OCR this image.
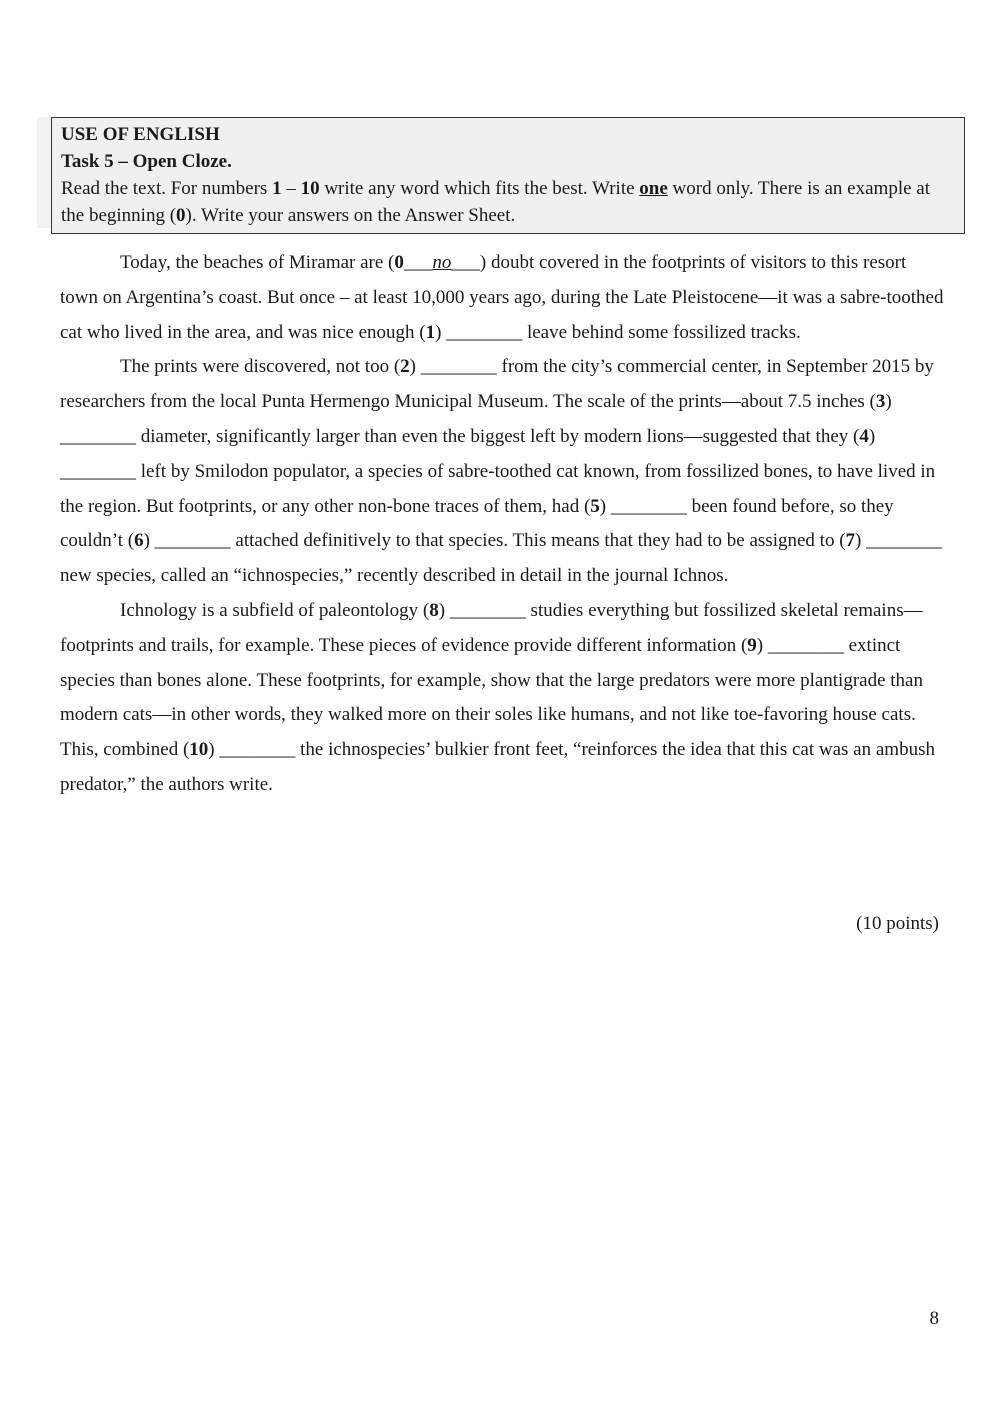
USE OF ENGLISH
Task 5 – Open Cloze.
Read the text. For numbers 1 – 10 write any word which fits the best. Write one word only. There is an example at the beginning (0). Write your answers on the Answer Sheet.

Today, the beaches of Miramar are (0___no___) doubt covered in the footprints of visitors to this resort town on Argentina’s coast. But once – at least 10,000 years ago, during the Late Pleistocene—it was a sabre-toothed cat who lived in the area, and was nice enough (1) ________ leave behind some fossilized tracks.

The prints were discovered, not too (2) ________ from the city’s commercial center, in September 2015 by researchers from the local Punta Hermengo Municipal Museum. The scale of the prints—about 7.5 inches (3) ________ diameter, significantly larger than even the biggest left by modern lions—suggested that they (4) ________ left by Smilodon populator, a species of sabre-toothed cat known, from fossilized bones, to have lived in the region. But footprints, or any other non-bone traces of them, had (5) ________ been found before, so they couldn’t (6) ________ attached definitively to that species. This means that they had to be assigned to (7) ________ new species, called an “ichnospecies,” recently described in detail in the journal Ichnos.

Ichnology is a subfield of paleontology (8) ________ studies everything but fossilized skeletal remains—footprints and trails, for example. These pieces of evidence provide different information (9) ________ extinct species than bones alone. These footprints, for example, show that the large predators were more plantigrade than modern cats—in other words, they walked more on their soles like humans, and not like toe-favoring house cats. This, combined (10) ________ the ichnospecies’ bulkier front feet, “reinforces the idea that this cat was an ambush predator,” the authors write.

(10 points)
8
